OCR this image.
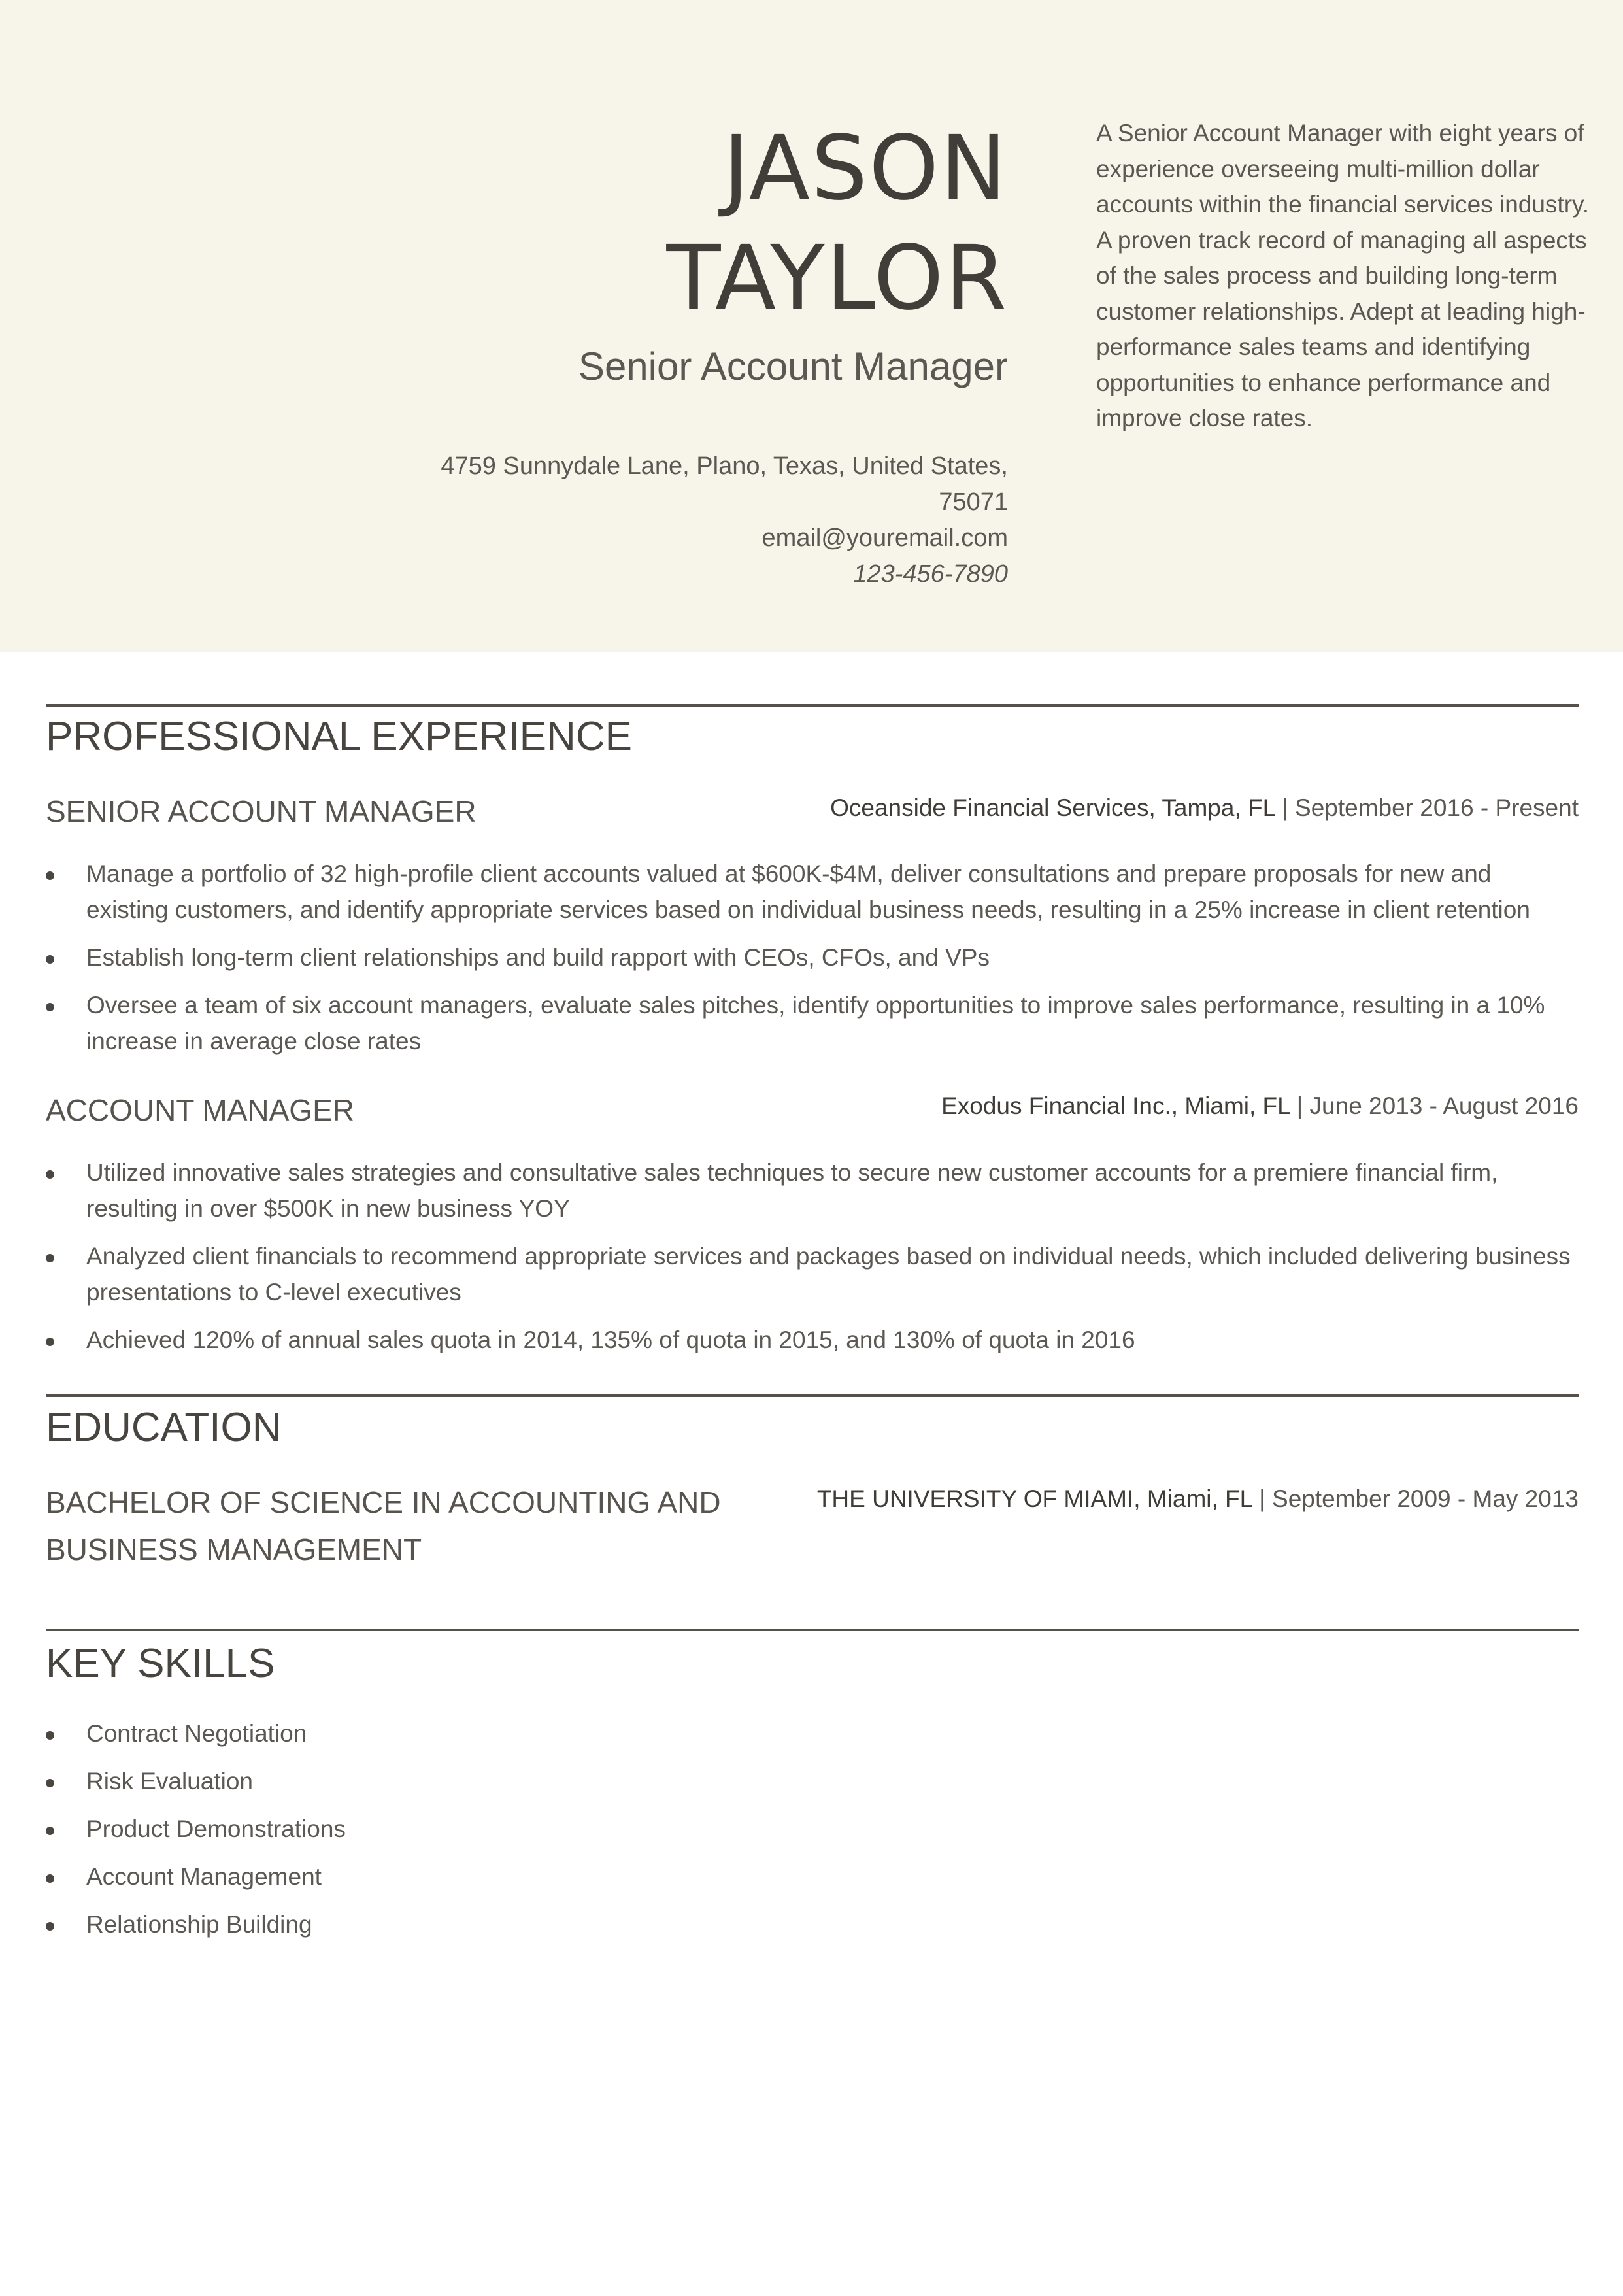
JASON
TAYLOR
Senior Account Manager
4759 Sunnydale Lane, Plano, Texas, United States,
75071
email@youremail.com
123-456-7890
A Senior Account Manager with eight years of experience overseeing multi-million dollar accounts within the financial services industry. A proven track record of managing all aspects of the sales process and building long-term customer relationships. Adept at leading high-performance sales teams and identifying opportunities to enhance performance and improve close rates.
PROFESSIONAL EXPERIENCE
SENIOR ACCOUNT MANAGER	Oceanside Financial Services, Tampa, FL | September 2016 - Present
Manage a portfolio of 32 high-profile client accounts valued at $600K-$4M, deliver consultations and prepare proposals for new and existing customers, and identify appropriate services based on individual business needs, resulting in a 25% increase in client retention
Establish long-term client relationships and build rapport with CEOs, CFOs, and VPs
Oversee a team of six account managers, evaluate sales pitches, identify opportunities to improve sales performance, resulting in a 10% increase in average close rates
ACCOUNT MANAGER	Exodus Financial Inc., Miami, FL | June 2013 - August 2016
Utilized innovative sales strategies and consultative sales techniques to secure new customer accounts for a premiere financial firm, resulting in over $500K in new business YOY
Analyzed client financials to recommend appropriate services and packages based on individual needs, which included delivering business presentations to C-level executives
Achieved 120% of annual sales quota in 2014, 135% of quota in 2015, and 130% of quota in 2016
EDUCATION
BACHELOR OF SCIENCE IN ACCOUNTING AND BUSINESS MANAGEMENT
THE UNIVERSITY OF MIAMI, Miami, FL | September 2009 - May 2013
KEY SKILLS
Contract Negotiation
Risk Evaluation
Product Demonstrations
Account Management
Relationship Building
